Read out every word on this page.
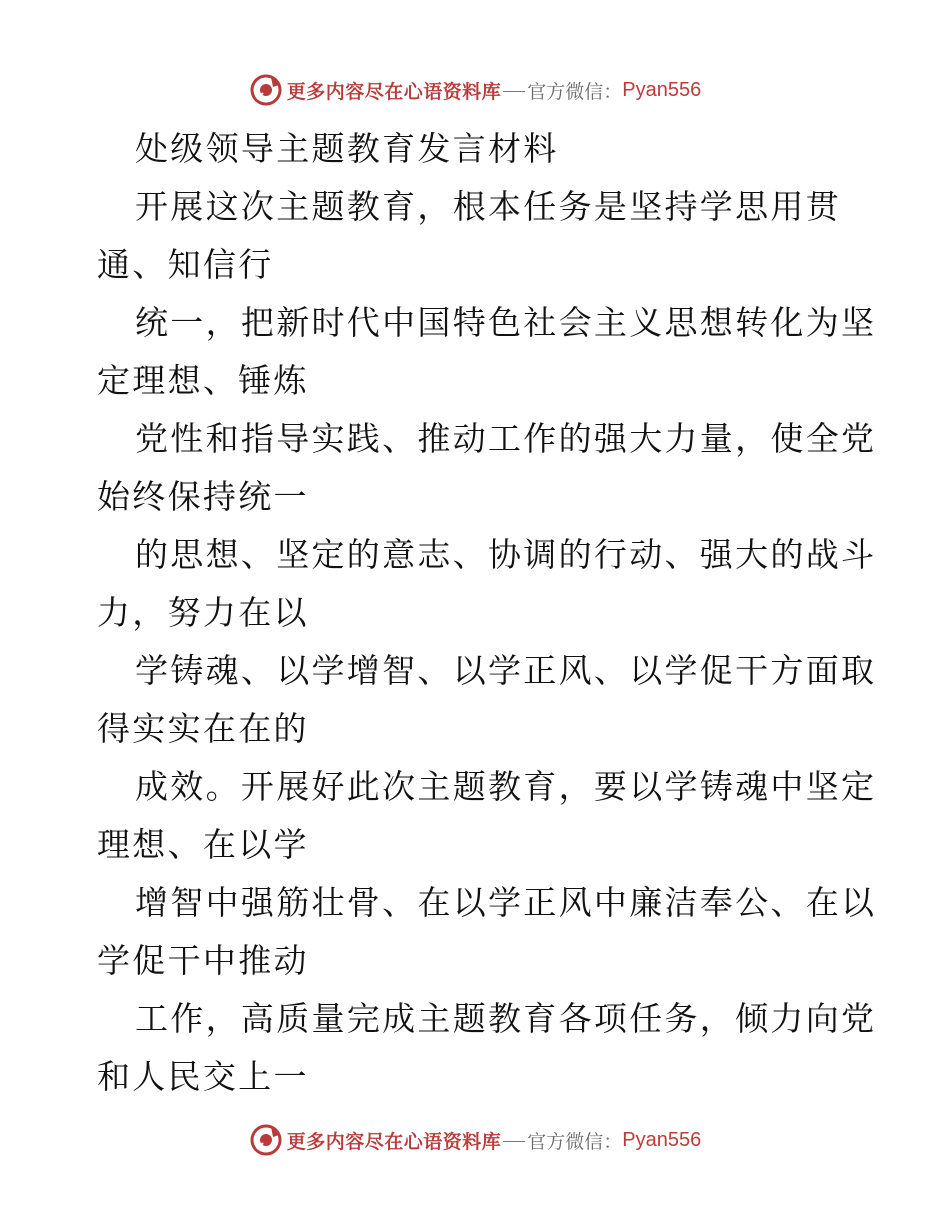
更多内容尽在心语资料库 官方微信： Pyan556
处级领导主题教育发言材料
开展这次主题教育，根本任务是坚持学思用贯
通、知信行
统一，把新时代中国特色社会主义思想转化为坚
定理想、锤炼
党性和指导实践、推动工作的强大力量，使全党
始终保持统一
的思想、坚定的意志、协调的行动、强大的战斗
力，努力在以
学铸魂、以学增智、以学正风、以学促干方面取
得实实在在的
成效。开展好此次主题教育，要以学铸魂中坚定
理想、在以学
增智中强筋壮骨、在以学正风中廉洁奉公、在以
学促干中推动
工作，高质量完成主题教育各项任务，倾力向党
和人民交上一
更多内容尽在心语资料库 官方微信： Pyan556
